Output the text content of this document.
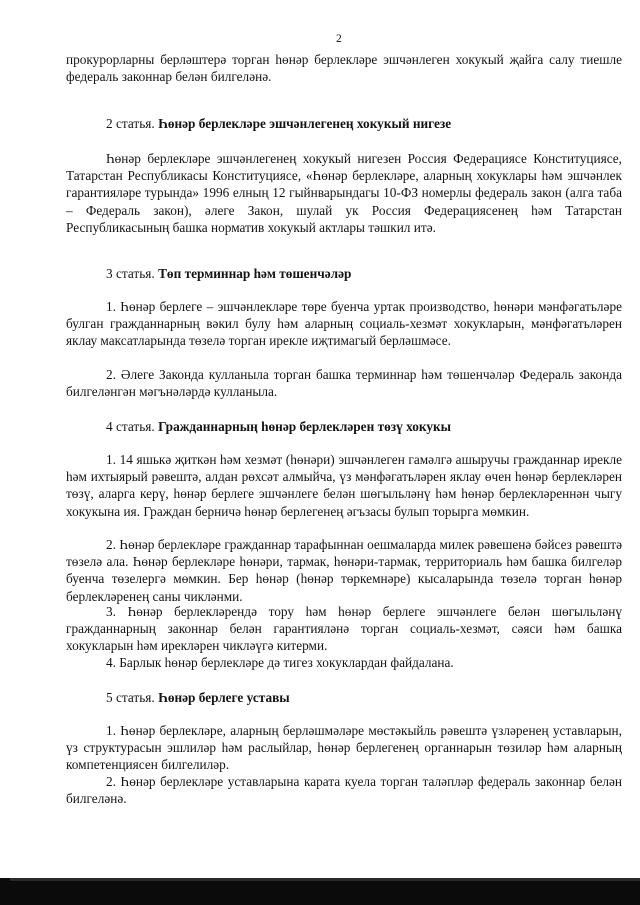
2

прокурорларны берләштерә торган һөнәр берлекләре эшчәнлеген хокукый җайга салу тиешле федераль законнар белән билгеләнә.

2 статья. Һөнәр берлекләре эшчәнлегенең хокукый нигезе

Һөнәр берлекләре эшчәнлегенең хокукый нигезен Россия Федерациясе Конституциясе, Татарстан Республикасы Конституциясе, «Һөнәр берлекләре, аларның хокуклары һәм эшчәнлек гарантияләре турында» 1996 елның 12 гыйнварындагы 10-ФЗ номерлы федераль закон (алга таба – Федераль закон), әлеге Закон, шулай ук Россия Федерациясенең һәм Татарстан Республикасының башка норматив хокукый актлары тәшкил итә.

3 статья. Төп терминнар һәм төшенчәләр

1. Һөнәр берлеге – эшчәнлекләре төре буенча уртак производство, һөнәри мәнфәгатьләре булган гражданнарның вәкил булу һәм аларның социаль-хезмәт хокукларын, мәнфәгатьләрен яклау максатларында төзелә торган ирекле иҗтимагый берләшмәсе.

2. Әлеге Законда кулланыла торган башка терминнар һәм төшенчәләр Федераль законда билгеләнгән мәгънәләрдә кулланыла.

4 статья. Гражданнарның һөнәр берлекләрен төзү хокукы

1. 14 яшькә җиткән һәм хезмәт (һөнәри) эшчәнлеген гамәлгә ашыручы гражданнар ирекле һәм ихтыярый рәвештә, алдан рөхсәт алмыйча, үз мәнфәгатьләрен яклау өчен һөнәр берлекләрен төзү, аларга керү, һөнәр берлеге эшчәнлеге белән шөгыльләнү һәм һөнәр берлекләреннән чыгу хокукына ия. Граждан берничә һөнәр берлегенең әгъзасы булып торырга мөмкин.

2. Һөнәр берлекләре гражданнар тарафыннан оешмаларда милек рәвешенә бәйсез рәвештә төзелә ала. Һөнәр берлекләре һөнәри, тармак, һөнәри-тармак, территориаль һәм башка билгеләр буенча төзелергә мөмкин. Бер һөнәр (һөнәр төркемнәре) кысаларында төзелә торган һөнәр берлекләренең саны чикләнми.

3. Һөнәр берлекләрендә тору һәм һөнәр берлеге эшчәнлеге белән шөгыльләнү гражданнарның законнар белән гарантияләнә торган социаль-хезмәт, сәяси һәм башка хокукларын һәм ирекләрен чикләүгә китерми.

4. Барлык һөнәр берлекләре дә тигез хокуклардан файдалана.

5 статья. Һөнәр берлеге уставы

1. Һөнәр берлекләре, аларның берләшмәләре мөстәкыйль рәвештә үзләренең уставларын, үз структурасын эшлиләр һәм раслыйлар, һөнәр берлегенең органнарын төзиләр һәм аларның компетенциясен билгелиләр.

2. Һөнәр берлекләре уставларына карата куела торган таләпләр федераль законнар белән билгеләнә.
